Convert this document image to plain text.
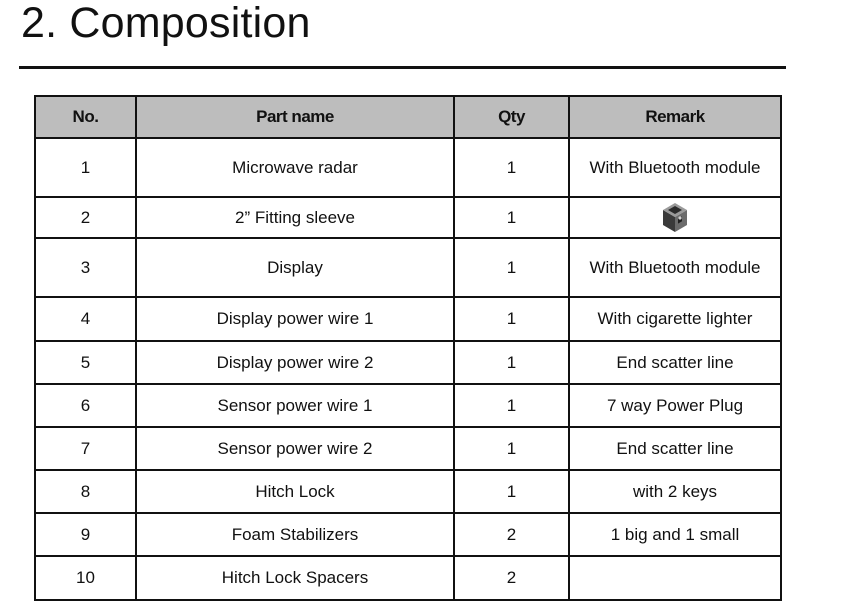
2. Composition
No.	Part name	Qty	Remark
1	Microwave radar	1	With Bluetooth module
2	2” Fitting sleeve	1	
3	Display	1	With Bluetooth module
4	Display power wire 1	1	With cigarette lighter
5	Display power wire 2	1	End scatter line
6	Sensor power wire 1	1	7 way Power Plug
7	Sensor power wire 2	1	End scatter line
8	Hitch Lock	1	with 2 keys
9	Foam Stabilizers	2	1 big and 1 small
10	Hitch Lock Spacers	2	
